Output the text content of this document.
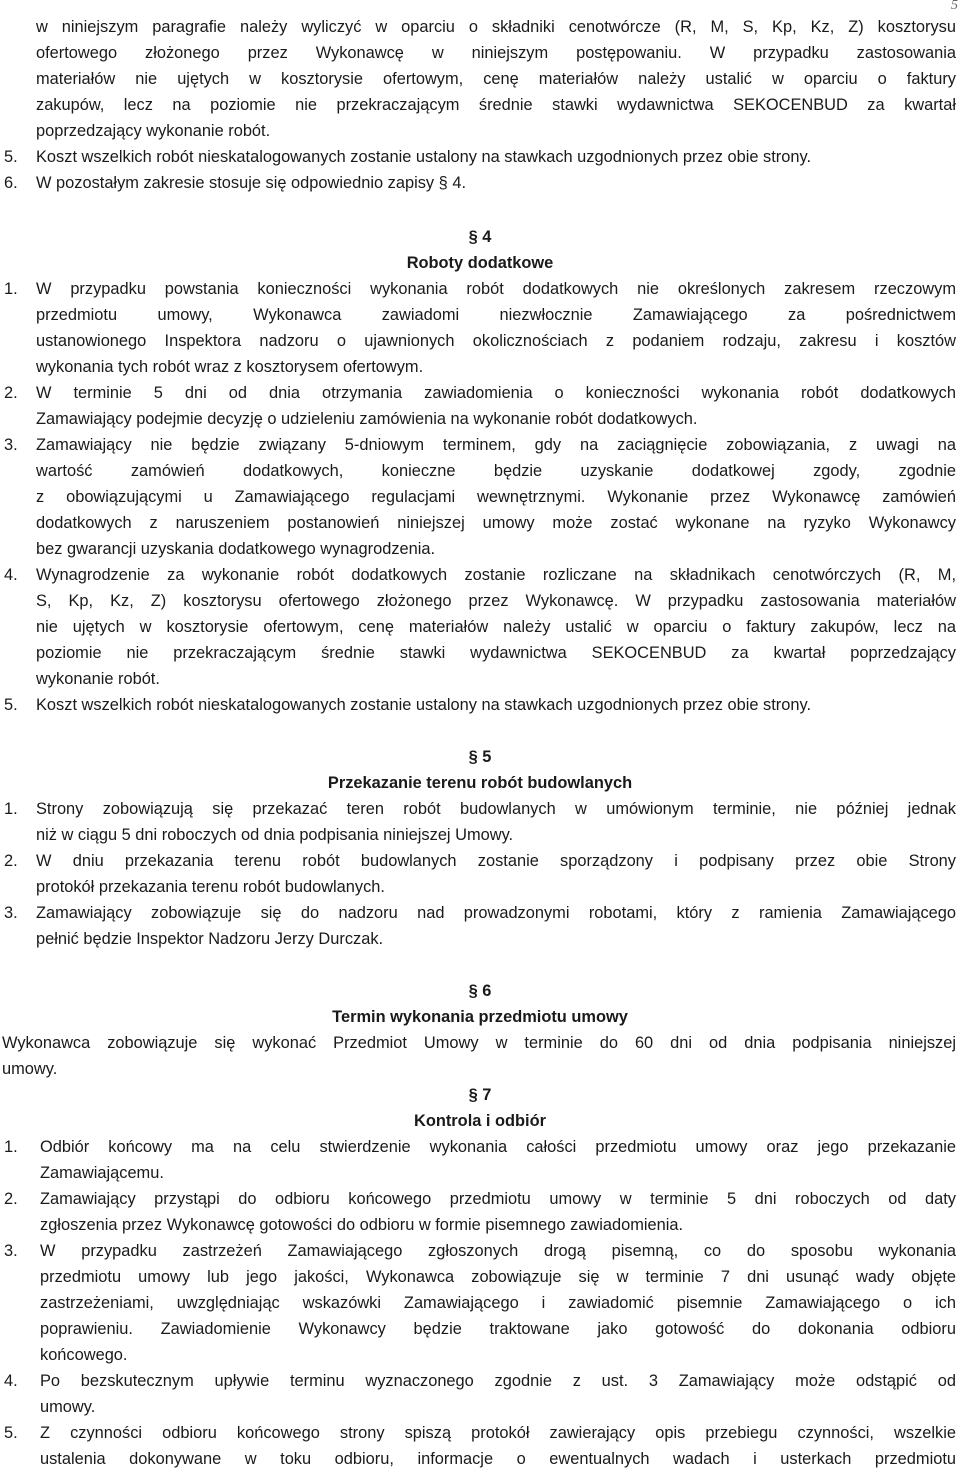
5
w niniejszym paragrafie należy wyliczyć w oparciu o składniki cenotwórcze (R, M, S, Kp, Kz, Z) kosztorysu
ofertowego złożonego przez Wykonawcę w niniejszym postępowaniu. W przypadku zastosowania
materiałów nie ujętych w kosztorysie ofertowym, cenę materiałów należy ustalić w oparciu o faktury
zakupów, lecz na poziomie nie przekraczającym średnie stawki wydawnictwa SEKOCENBUD za kwartał
poprzedzający wykonanie robót.
5. Koszt wszelkich robót nieskatalogowanych zostanie ustalony na stawkach uzgodnionych przez obie strony.
6. W pozostałym zakresie stosuje się odpowiednio zapisy § 4.
§ 4
Roboty dodatkowe
1. W przypadku powstania konieczności wykonania robót dodatkowych nie określonych zakresem rzeczowym
przedmiotu umowy, Wykonawca zawiadomi niezwłocznie Zamawiającego za pośrednictwem
ustanowionego Inspektora nadzoru o ujawnionych okolicznościach z podaniem rodzaju, zakresu i kosztów
wykonania tych robót wraz z kosztorysem ofertowym.
2. W terminie 5 dni od dnia otrzymania zawiadomienia o konieczności wykonania robót dodatkowych
Zamawiający podejmie decyzję o udzieleniu zamówienia na wykonanie robót dodatkowych.
3. Zamawiający nie będzie związany 5-dniowym terminem, gdy na zaciągnięcie zobowiązania, z uwagi na
wartość zamówień dodatkowych, konieczne będzie uzyskanie dodatkowej zgody, zgodnie
z obowiązującymi u Zamawiającego regulacjami wewnętrznymi. Wykonanie przez Wykonawcę zamówień
dodatkowych z naruszeniem postanowień niniejszej umowy może zostać wykonane na ryzyko Wykonawcy
bez gwarancji uzyskania dodatkowego wynagrodzenia.
4. Wynagrodzenie za wykonanie robót dodatkowych zostanie rozliczane na składnikach cenotwórczych (R, M,
S, Kp, Kz, Z) kosztorysu ofertowego złożonego przez Wykonawcę. W przypadku zastosowania materiałów
nie ujętych w kosztorysie ofertowym, cenę materiałów należy ustalić w oparciu o faktury zakupów, lecz na
poziomie nie przekraczającym średnie stawki wydawnictwa SEKOCENBUD za kwartał poprzedzający
wykonanie robót.
5. Koszt wszelkich robót nieskatalogowanych zostanie ustalony na stawkach uzgodnionych przez obie strony.
§ 5
Przekazanie terenu robót budowlanych
1. Strony zobowiązują się przekazać teren robót budowlanych w umówionym terminie, nie później jednak
niż w ciągu 5 dni roboczych od dnia podpisania niniejszej Umowy.
2. W dniu przekazania terenu robót budowlanych zostanie sporządzony i podpisany przez obie Strony
protokół przekazania terenu robót budowlanych.
3. Zamawiający zobowiązuje się do nadzoru nad prowadzonymi robotami, który z ramienia Zamawiającego
pełnić będzie Inspektor Nadzoru Jerzy Durczak.
§ 6
Termin wykonania przedmiotu umowy
Wykonawca zobowiązuje się wykonać Przedmiot Umowy w terminie do 60 dni od dnia podpisania niniejszej
umowy.
§ 7
Kontrola i odbiór
1. Odbiór końcowy ma na celu stwierdzenie wykonania całości przedmiotu umowy oraz jego przekazanie
Zamawiającemu.
2. Zamawiający przystąpi do odbioru końcowego przedmiotu umowy w terminie 5 dni roboczych od daty
zgłoszenia przez Wykonawcę gotowości do odbioru w formie pisemnego zawiadomienia.
3. W przypadku zastrzeżeń Zamawiającego zgłoszonych drogą pisemną, co do sposobu wykonania
przedmiotu umowy lub jego jakości, Wykonawca zobowiązuje się w terminie 7 dni usunąć wady objęte
zastrzeżeniami, uwzględniając wskazówki Zamawiającego i zawiadomić pisemnie Zamawiającego o ich
poprawieniu. Zawiadomienie Wykonawcy będzie traktowane jako gotowość do dokonania odbioru
końcowego.
4. Po bezskutecznym upływie terminu wyznaczonego zgodnie z ust. 3 Zamawiający może odstąpić od
umowy.
5. Z czynności odbioru końcowego strony spiszą protokół zawierający opis przebiegu czynności, wszelkie
ustalenia dokonywane w toku odbioru, informacje o ewentualnych wadach i usterkach przedmiotu
